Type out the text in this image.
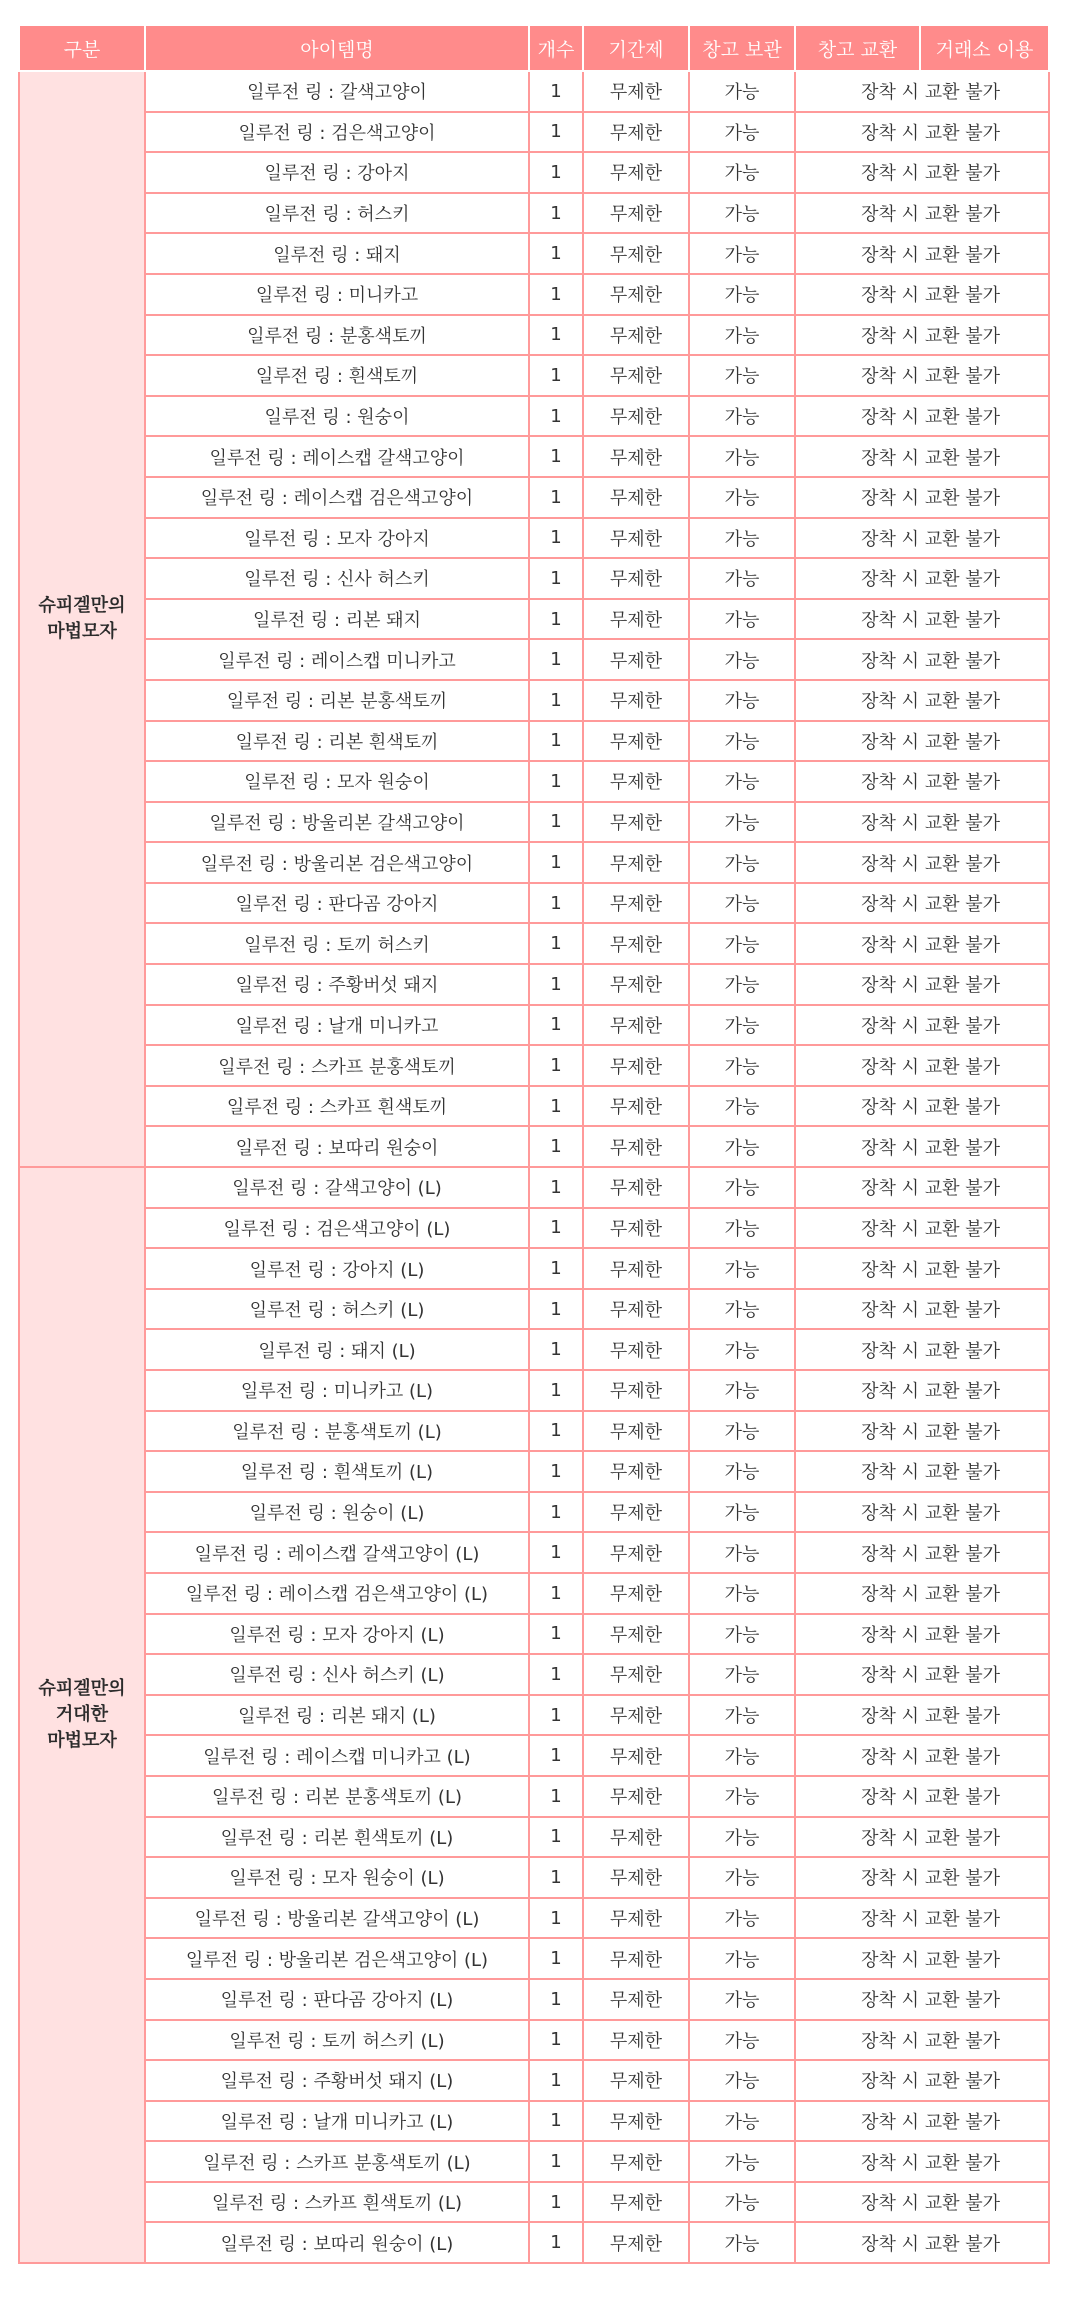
구분	아이템명	개수	기간제	창고 보관	창고 교환	거래소 이용

슈피겔만의
마법모자	일루전 링 : 갈색고양이	1	무제한	가능	장착 시 교환 불가	
	일루전 링 : 검은색고양이	1	무제한	가능	장착 시 교환 불가	
	일루전 링 : 강아지	1	무제한	가능	장착 시 교환 불가	
	일루전 링 : 허스키	1	무제한	가능	장착 시 교환 불가	
	일루전 링 : 돼지	1	무제한	가능	장착 시 교환 불가	
	일루전 링 : 미니카고	1	무제한	가능	장착 시 교환 불가	
	일루전 링 : 분홍색토끼	1	무제한	가능	장착 시 교환 불가	
	일루전 링 : 흰색토끼	1	무제한	가능	장착 시 교환 불가	
	일루전 링 : 원숭이	1	무제한	가능	장착 시 교환 불가	
	일루전 링 : 레이스캡 갈색고양이	1	무제한	가능	장착 시 교환 불가	
	일루전 링 : 레이스캡 검은색고양이	1	무제한	가능	장착 시 교환 불가	
	일루전 링 : 모자 강아지	1	무제한	가능	장착 시 교환 불가	
	일루전 링 : 신사 허스키	1	무제한	가능	장착 시 교환 불가	
	일루전 링 : 리본 돼지	1	무제한	가능	장착 시 교환 불가	
	일루전 링 : 레이스캡 미니카고	1	무제한	가능	장착 시 교환 불가	
	일루전 링 : 리본 분홍색토끼	1	무제한	가능	장착 시 교환 불가	
	일루전 링 : 리본 흰색토끼	1	무제한	가능	장착 시 교환 불가	
	일루전 링 : 모자 원숭이	1	무제한	가능	장착 시 교환 불가	
	일루전 링 : 방울리본 갈색고양이	1	무제한	가능	장착 시 교환 불가	
	일루전 링 : 방울리본 검은색고양이	1	무제한	가능	장착 시 교환 불가	
	일루전 링 : 판다곰 강아지	1	무제한	가능	장착 시 교환 불가	
	일루전 링 : 토끼 허스키	1	무제한	가능	장착 시 교환 불가	
	일루전 링 : 주황버섯 돼지	1	무제한	가능	장착 시 교환 불가	
	일루전 링 : 날개 미니카고	1	무제한	가능	장착 시 교환 불가	
	일루전 링 : 스카프 분홍색토끼	1	무제한	가능	장착 시 교환 불가	
	일루전 링 : 스카프 흰색토끼	1	무제한	가능	장착 시 교환 불가	
	일루전 링 : 보따리 원숭이	1	무제한	가능	장착 시 교환 불가	

슈피겔만의
거대한
마법모자	일루전 링 : 갈색고양이 (L)	1	무제한	가능	장착 시 교환 불가	
	일루전 링 : 검은색고양이 (L)	1	무제한	가능	장착 시 교환 불가	
	일루전 링 : 강아지 (L)	1	무제한	가능	장착 시 교환 불가	
	일루전 링 : 허스키 (L)	1	무제한	가능	장착 시 교환 불가	
	일루전 링 : 돼지 (L)	1	무제한	가능	장착 시 교환 불가	
	일루전 링 : 미니카고 (L)	1	무제한	가능	장착 시 교환 불가	
	일루전 링 : 분홍색토끼 (L)	1	무제한	가능	장착 시 교환 불가	
	일루전 링 : 흰색토끼 (L)	1	무제한	가능	장착 시 교환 불가	
	일루전 링 : 원숭이 (L)	1	무제한	가능	장착 시 교환 불가	
	일루전 링 : 레이스캡 갈색고양이 (L)	1	무제한	가능	장착 시 교환 불가	
	일루전 링 : 레이스캡 검은색고양이 (L)	1	무제한	가능	장착 시 교환 불가	
	일루전 링 : 모자 강아지 (L)	1	무제한	가능	장착 시 교환 불가	
	일루전 링 : 신사 허스키 (L)	1	무제한	가능	장착 시 교환 불가	
	일루전 링 : 리본 돼지 (L)	1	무제한	가능	장착 시 교환 불가	
	일루전 링 : 레이스캡 미니카고 (L)	1	무제한	가능	장착 시 교환 불가	
	일루전 링 : 리본 분홍색토끼 (L)	1	무제한	가능	장착 시 교환 불가	
	일루전 링 : 리본 흰색토끼 (L)	1	무제한	가능	장착 시 교환 불가	
	일루전 링 : 모자 원숭이 (L)	1	무제한	가능	장착 시 교환 불가	
	일루전 링 : 방울리본 갈색고양이 (L)	1	무제한	가능	장착 시 교환 불가	
	일루전 링 : 방울리본 검은색고양이 (L)	1	무제한	가능	장착 시 교환 불가	
	일루전 링 : 판다곰 강아지 (L)	1	무제한	가능	장착 시 교환 불가	
	일루전 링 : 토끼 허스키 (L)	1	무제한	가능	장착 시 교환 불가	
	일루전 링 : 주황버섯 돼지 (L)	1	무제한	가능	장착 시 교환 불가	
	일루전 링 : 날개 미니카고 (L)	1	무제한	가능	장착 시 교환 불가	
	일루전 링 : 스카프 분홍색토끼 (L)	1	무제한	가능	장착 시 교환 불가	
	일루전 링 : 스카프 흰색토끼 (L)	1	무제한	가능	장착 시 교환 불가	
	일루전 링 : 보따리 원숭이 (L)	1	무제한	가능	장착 시 교환 불가	
